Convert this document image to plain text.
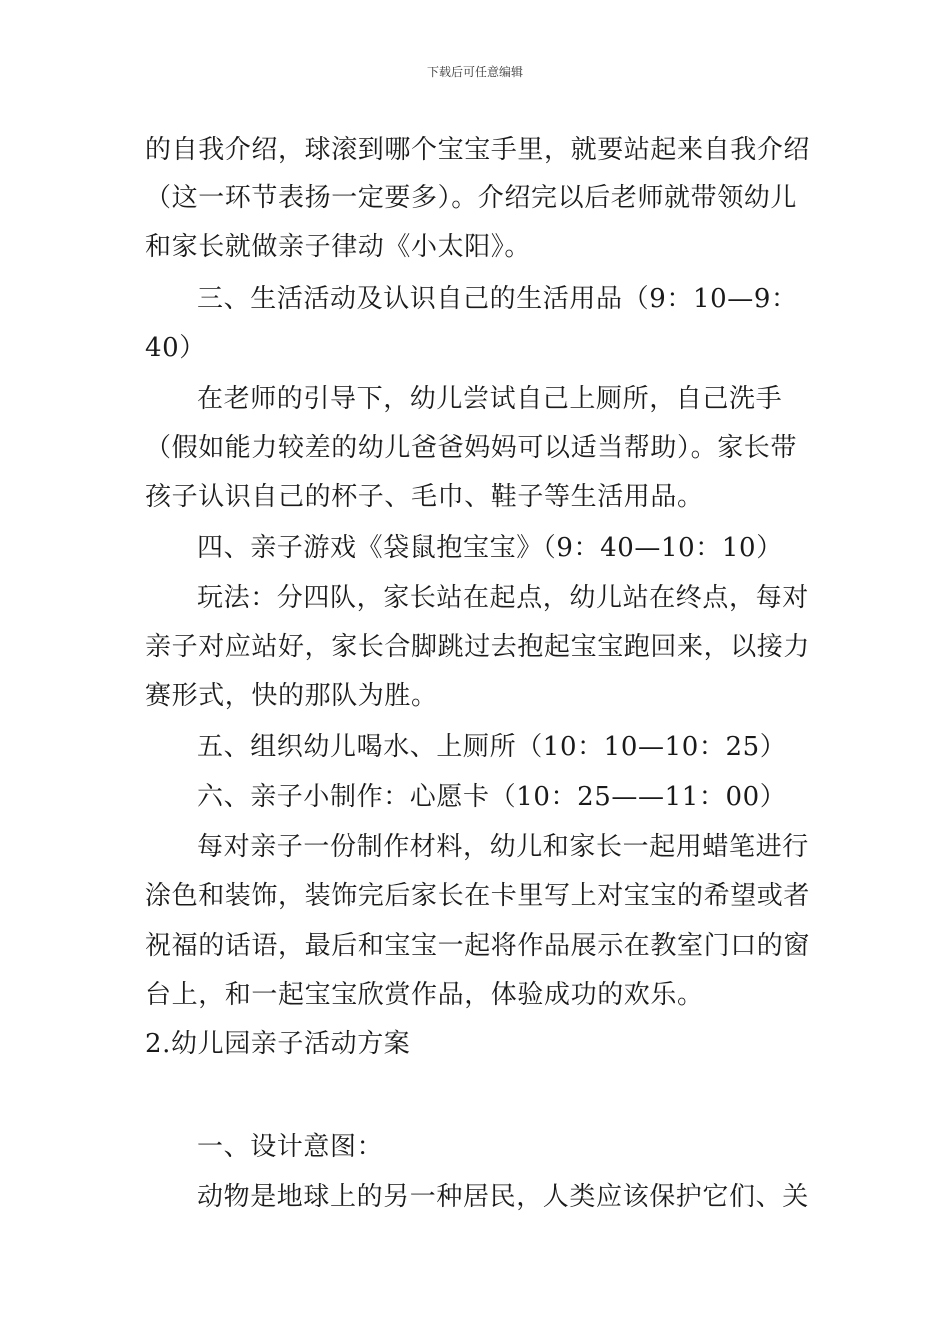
下载后可任意编辑
的自我介绍，球滚到哪个宝宝手里，就要站起来自我介绍
（这一环节表扬一定要多）。介绍完以后老师就带领幼儿
和家长就做亲子律动《小太阳》。
三、生活活动及认识自己的生活用品（9：10—9：
40）
在老师的引导下，幼儿尝试自己上厕所，自己洗手
（假如能力较差的幼儿爸爸妈妈可以适当帮助）。家长带
孩子认识自己的杯子、毛巾、鞋子等生活用品。
四、亲子游戏《袋鼠抱宝宝》（9：40—10：10）
玩法：分四队，家长站在起点，幼儿站在终点，每对
亲子对应站好，家长合脚跳过去抱起宝宝跑回来，以接力
赛形式，快的那队为胜。
五、组织幼儿喝水、上厕所（10：10—10：25）
六、亲子小制作：心愿卡（10：25——11：00）
每对亲子一份制作材料，幼儿和家长一起用蜡笔进行
涂色和装饰，装饰完后家长在卡里写上对宝宝的希望或者
祝福的话语，最后和宝宝一起将作品展示在教室门口的窗
台上，和一起宝宝欣赏作品，体验成功的欢乐。
2.幼儿园亲子活动方案
一、设计意图：
动物是地球上的另一种居民，人类应该保护它们、关
